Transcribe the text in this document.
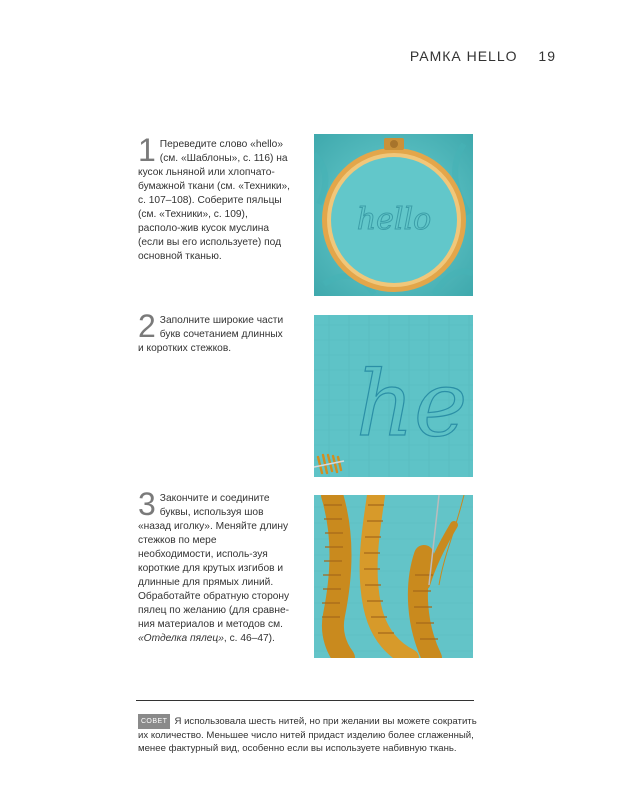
РАМКА HELLO 19
1 Переведите слово «hello» (см. «Шаблоны», с. 116) на кусок льняной или хлопчато-бумажной ткани (см. «Техники», с. 107–108). Соберите пяльцы (см. «Техники», с. 109), располо-жив кусок муслина (если вы его используете) под основной тканью.
2 Заполните широкие части букв сочетанием длинных и коротких стежков.
3 Закончите и соедините буквы, используя шов «назад иголку». Меняйте длину стежков по мере необходимости, исполь-зуя короткие для крутых изгибов и длинные для прямых линий. Обработайте обратную сторону пялец по желанию (для сравне-ния материалов и методов см. «Отделка пялец», с. 46–47).
hello
he
СОВЕТ Я использовала шесть нитей, но при желании вы можете сократить их количество. Меньшее число нитей придаст изделию более сглаженный, менее фактурный вид, особенно если вы используете набивную ткань.
